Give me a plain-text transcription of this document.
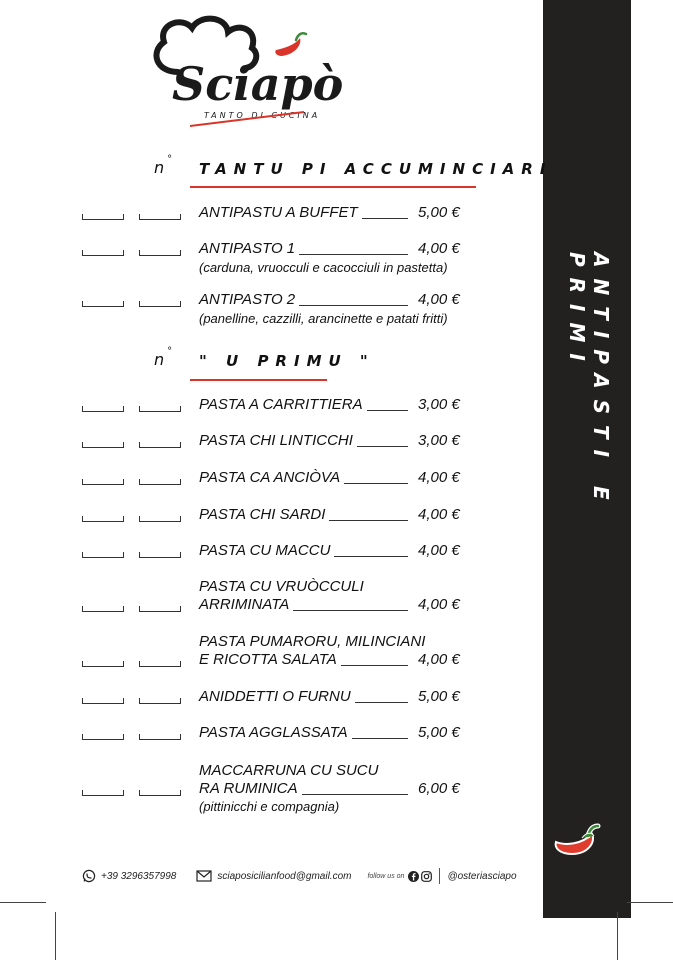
Sciapò
TANTO DI CUCINA
ANTIPASTI E PRIMI
n °
TANTU PI ACCUMINCIARI
ANTIPASTU A BUFFET	5,00 €
ANTIPASTO 1	4,00 €
(carduna, vruocculi e cacocciuli in pastetta)
ANTIPASTO 2	4,00 €
(panelline, cazzilli, arancinette e patati fritti)
n °
" U PRIMU "
PASTA A CARRITTIERA	3,00 €
PASTA CHI LINTICCHI	3,00 €
PASTA CA ANCIÒVA	4,00 €
PASTA CHI SARDI	4,00 €
PASTA CU MACCU	4,00 €
PASTA CU VRUÒCCULI
ARRIMINATA	4,00 €
PASTA PUMARORU, MILINCIANI
E RICOTTA SALATA	4,00 €
ANIDDETTI O FURNU	5,00 €
PASTA AGGLASSATA	5,00 €
MACCARRUNA CU SUCU
RA RUMINICA	6,00 €
(pittinicchi e compagnia)
+39 3296357998	sciaposicilianfood@gmail.com follow us on	@osteriasciapo
